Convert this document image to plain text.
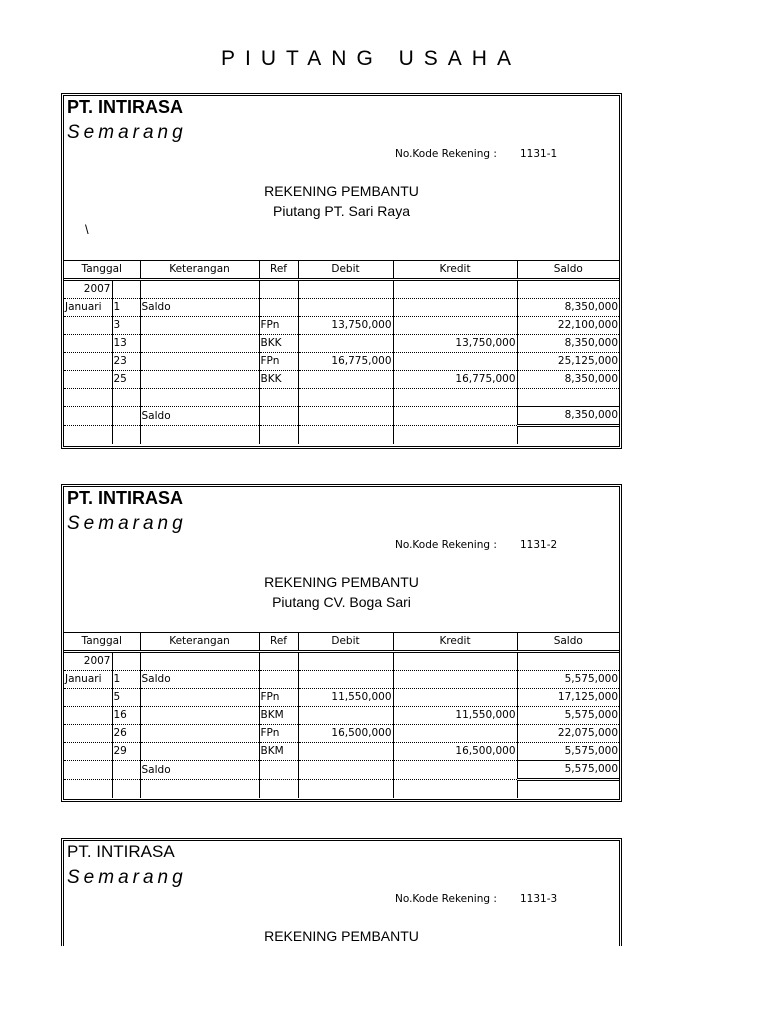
PIUTANG USAHA
PT. INTIRASA
Semarang
No.Kode Rekening : 1131-1
REKENING PEMBANTU
Piutang PT. Sari Raya
\
Tanggal		Keterangan	Ref	Debit	Kredit	Saldo
2007						
Januari	1	Saldo				8,350,000
	3		FPn	13,750,000		22,100,000
	13		BKK		13,750,000	8,350,000
	23		FPn	16,775,000		25,125,000
	25		BKK		16,775,000	8,350,000

		Saldo				8,350,000

PT. INTIRASA
Semarang
No.Kode Rekening : 1131-2
REKENING PEMBANTU
Piutang CV. Boga Sari
Tanggal		Keterangan	Ref	Debit	Kredit	Saldo
2007						
Januari	1	Saldo				5,575,000
	5		FPn	11,550,000		17,125,000
	16		BKM		11,550,000	5,575,000
	26		FPn	16,500,000		22,075,000
	29		BKM		16,500,000	5,575,000
		Saldo				5,575,000

PT. INTIRASA
Semarang
No.Kode Rekening : 1131-3
REKENING PEMBANTU
